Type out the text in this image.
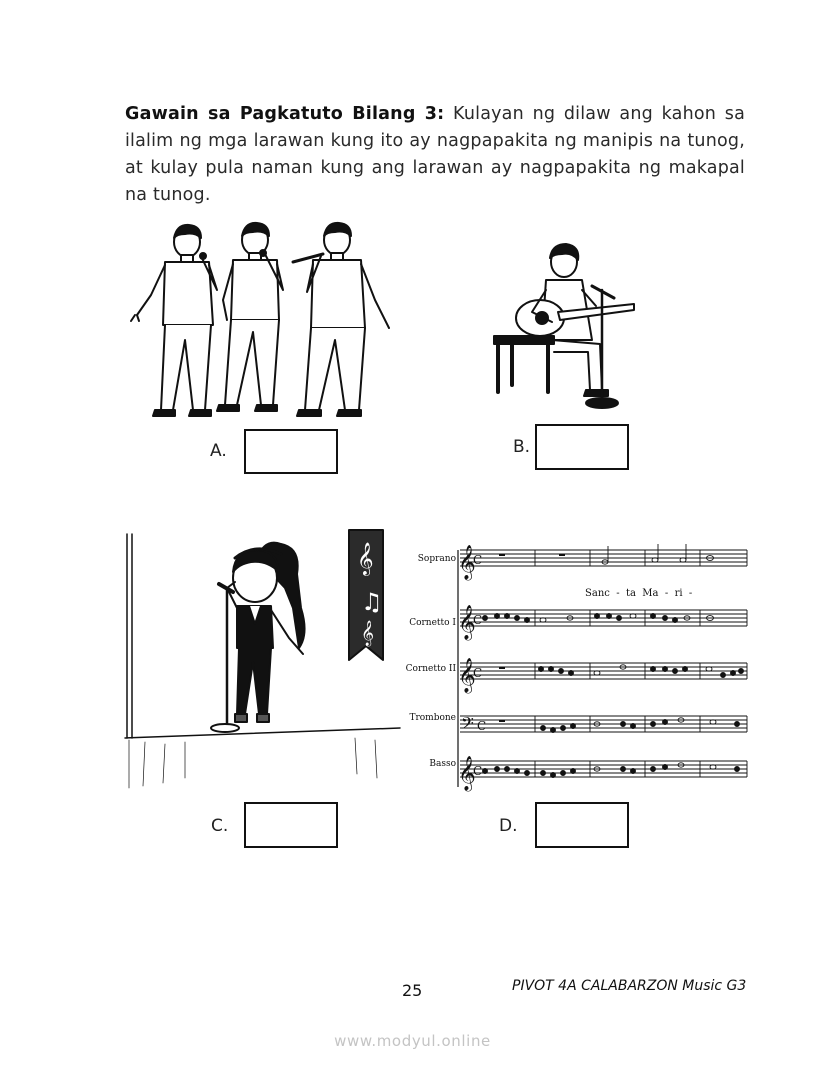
Gawain sa Pagkatuto Bilang 3: Kulayan ng dilaw ang kahon sa ilalim ng mga larawan kung ito ay nagpapakita ng manipis na tunog, at kulay pula naman kung ang larawan ay nagpapakita ng makapal na tunog.

𝄞
♫
𝄞
𝄞
C
𝄞
C
𝄞
C
𝄢 C
𝄞
C
Soprano
Cornetto I
Cornetto II
Trombone
Basso
Sanc  -  ta  Ma  -  ri  -
A.	B.
C.	D.
25	PIVOT 4A CALABARZON Music G3
www.modyul.online
